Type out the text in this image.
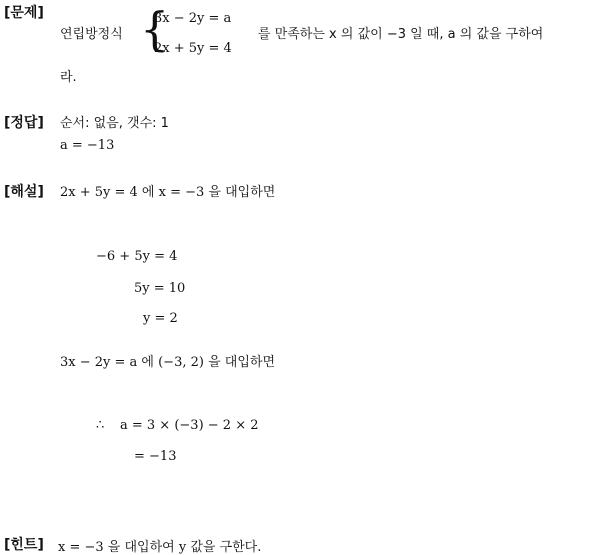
[문제]
연립방정식 {
3x − 2y = a
2x + 5y = 4
를 만족하는 x 의 값이 −3 일 때, a 의 값을 구하여
라.
[정답] 순서: 없음, 갯수: 1
a = −13
[해설] 2x + 5y = 4 에 x = −3 을 대입하면
−6 + 5y = 4
5y = 10
y = 2
3x − 2y = a 에 (−3, 2) 을 대입하면
∴ a = 3 × (−3) − 2 × 2
= −13
[힌트] x = −3 을 대입하여 y 값을 구한다.
